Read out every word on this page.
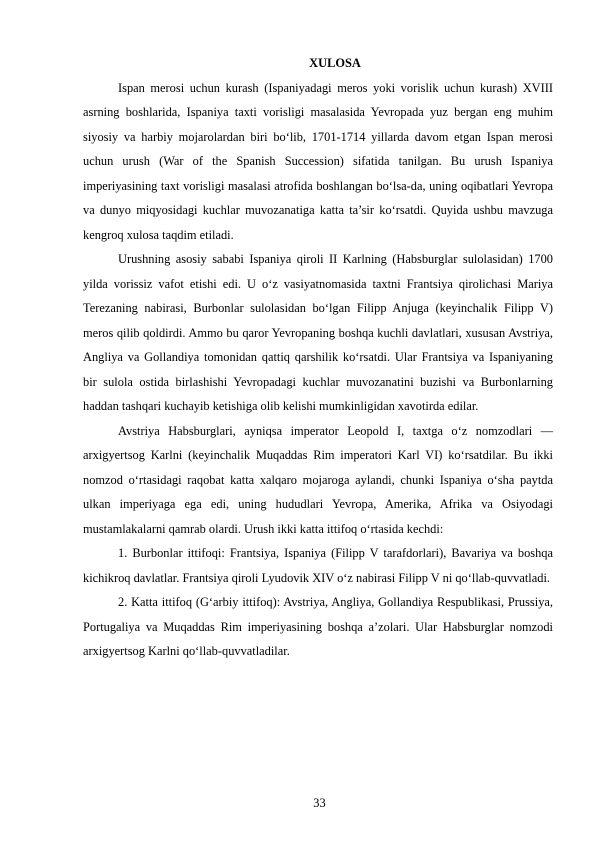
XULOSA

Ispan merosi uchun kurash (Ispaniyadagi meros yoki vorislik uchun kurash) XVIII asrning boshlarida, Ispaniya taxti vorisligi masalasida Yevropada yuz bergan eng muhim siyosiy va harbiy mojarolardan biri bo‘lib, 1701-1714 yillarda davom etgan Ispan merosi uchun urush (War of the Spanish Succession) sifatida tanilgan. Bu urush Ispaniya imperiyasining taxt vorisligi masalasi atrofida boshlangan bo‘lsa-da, uning oqibatlari Yevropa va dunyo miqyosidagi kuchlar muvozanatiga katta ta’sir ko‘rsatdi. Quyida ushbu mavzuga kengroq xulosa taqdim etiladi.

Urushning asosiy sababi Ispaniya qiroli II Karlning (Habsburglar sulolasidan) 1700 yilda vorissiz vafot etishi edi. U o‘z vasiyatnomasida taxtni Frantsiya qirolichasi Mariya Terezaning nabirasi, Burbonlar sulolasidan bo‘lgan Filipp Anjuga (keyinchalik Filipp V) meros qilib qoldirdi. Ammo bu qaror Yevropaning boshqa kuchli davlatlari, xususan Avstriya, Angliya va Gollandiya tomonidan qattiq qarshilik ko‘rsatdi. Ular Frantsiya va Ispaniyaning bir sulola ostida birlashishi Yevropadagi kuchlar muvozanatini buzishi va Burbonlarning haddan tashqari kuchayib ketishiga olib kelishi mumkinligidan xavotirda edilar.

Avstriya Habsburglari, ayniqsa imperator Leopold I, taxtga o‘z nomzodlari — arxigyertsog Karlni (keyinchalik Muqaddas Rim imperatori Karl VI) ko‘rsatdilar. Bu ikki nomzod o‘rtasidagi raqobat katta xalqaro mojaroga aylandi, chunki Ispaniya o‘sha paytda ulkan imperiyaga ega edi, uning hududlari Yevropa, Amerika, Afrika va Osiyodagi mustamlakalarni qamrab olardi. Urush ikki katta ittifoq o‘rtasida kechdi:

1. Burbonlar ittifoqi: Frantsiya, Ispaniya (Filipp V tarafdorlari), Bavariya va boshqa kichikroq davlatlar. Frantsiya qiroli Lyudovik XIV o‘z nabirasi Filipp V ni qo‘llab-quvvatladi.

2. Katta ittifoq (G‘arbiy ittifoq): Avstriya, Angliya, Gollandiya Respublikasi, Prussiya, Portugaliya va Muqaddas Rim imperiyasining boshqa a’zolari. Ular Habsburglar nomzodi arxigyertsog Karlni qo‘llab-quvvatladilar.

33
